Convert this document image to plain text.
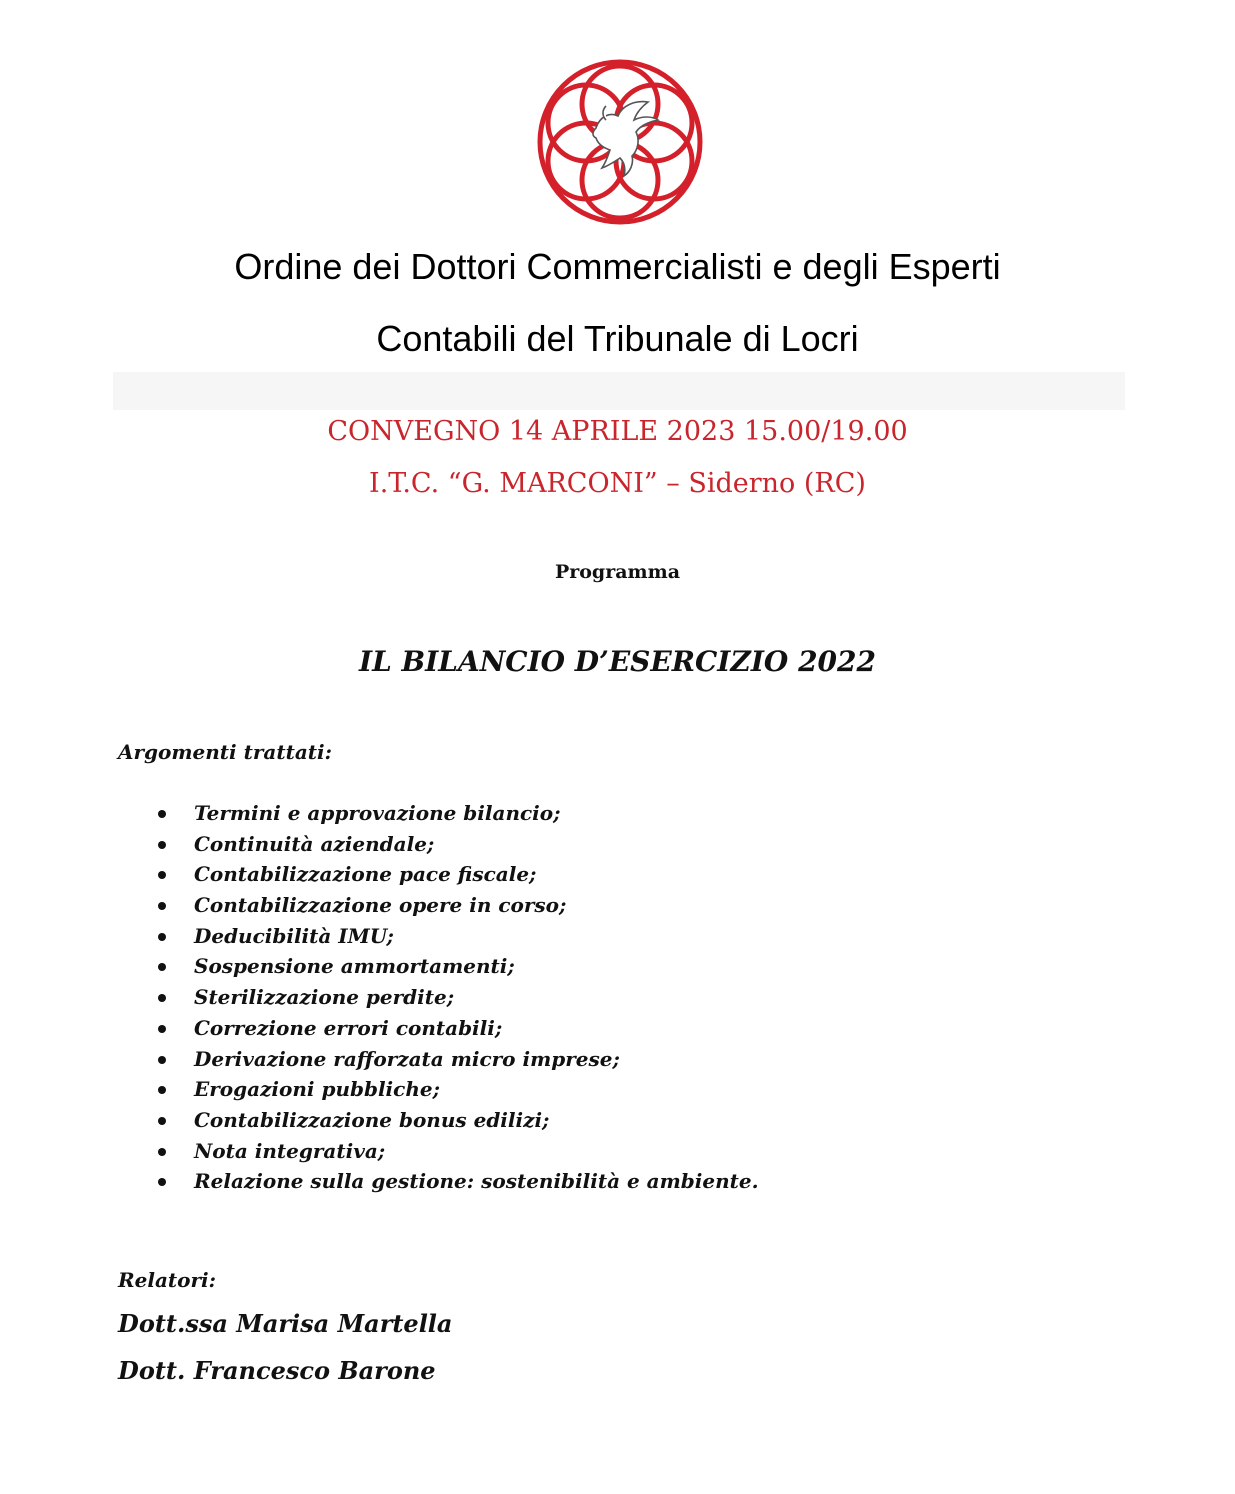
Ordine dei Dottori Commercialisti e degli Esperti
Contabili del Tribunale di Locri
CONVEGNO 14 APRILE 2023 15.00/19.00
I.T.C. “G. MARCONI” – Siderno (RC)
Programma
IL BILANCIO D’ESERCIZIO 2022
Argomenti trattati:
Termini e approvazione bilancio;
Continuità aziendale;
Contabilizzazione pace fiscale;
Contabilizzazione opere in corso;
Deducibilità IMU;
Sospensione ammortamenti;
Sterilizzazione perdite;
Correzione errori contabili;
Derivazione rafforzata micro imprese;
Erogazioni pubbliche;
Contabilizzazione bonus edilizi;
Nota integrativa;
Relazione sulla gestione: sostenibilità e ambiente.
Relatori:
Dott.ssa Marisa Martella
Dott. Francesco Barone
